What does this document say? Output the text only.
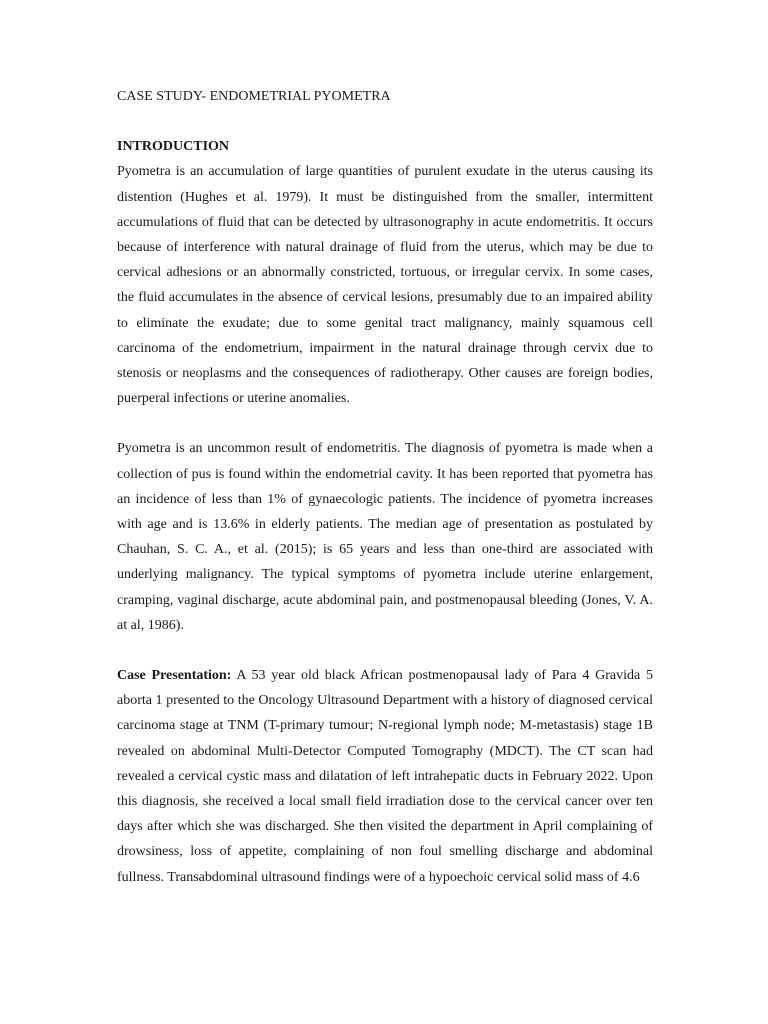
CASE STUDY- ENDOMETRIAL PYOMETRA
INTRODUCTION

Pyometra is an accumulation of large quantities of purulent exudate in the uterus causing its distention (Hughes et al. 1979). It must be distinguished from the smaller, intermittent accumulations of fluid that can be detected by ultrasonography in acute endometritis. It occurs because of interference with natural drainage of fluid from the uterus, which may be due to cervical adhesions or an abnormally constricted, tortuous, or irregular cervix. In some cases, the fluid accumulates in the absence of cervical lesions, presumably due to an impaired ability to eliminate the exudate; due to some genital tract malignancy, mainly squamous cell carcinoma of the endometrium, impairment in the natural drainage through cervix due to stenosis or neoplasms and the consequences of radiotherapy. Other causes are foreign bodies, puerperal infections or uterine anomalies.

Pyometra is an uncommon result of endometritis. The diagnosis of pyometra is made when a collection of pus is found within the endometrial cavity. It has been reported that pyometra has an incidence of less than 1% of gynaecologic patients. The incidence of pyometra increases with age and is 13.6% in elderly patients. The median age of presentation as postulated by Chauhan, S. C. A., et al. (2015); is 65 years and less than one-third are associated with underlying malignancy. The typical symptoms of pyometra include uterine enlargement, cramping, vaginal discharge, acute abdominal pain, and postmenopausal bleeding (Jones, V. A. at al, 1986).

Case Presentation: A 53 year old black African postmenopausal lady of Para 4 Gravida 5 aborta 1 presented to the Oncology Ultrasound Department with a history of diagnosed cervical carcinoma stage at TNM (T-primary tumour; N-regional lymph node; M-metastasis) stage 1B revealed on abdominal Multi-Detector Computed Tomography (MDCT). The CT scan had revealed a cervical cystic mass and dilatation of left intrahepatic ducts in February 2022. Upon this diagnosis, she received a local small field irradiation dose to the cervical cancer over ten days after which she was discharged. She then visited the department in April complaining of drowsiness, loss of appetite, complaining of non foul smelling discharge and abdominal fullness. Transabdominal ultrasound findings were of a hypoechoic cervical solid mass of 4.6
